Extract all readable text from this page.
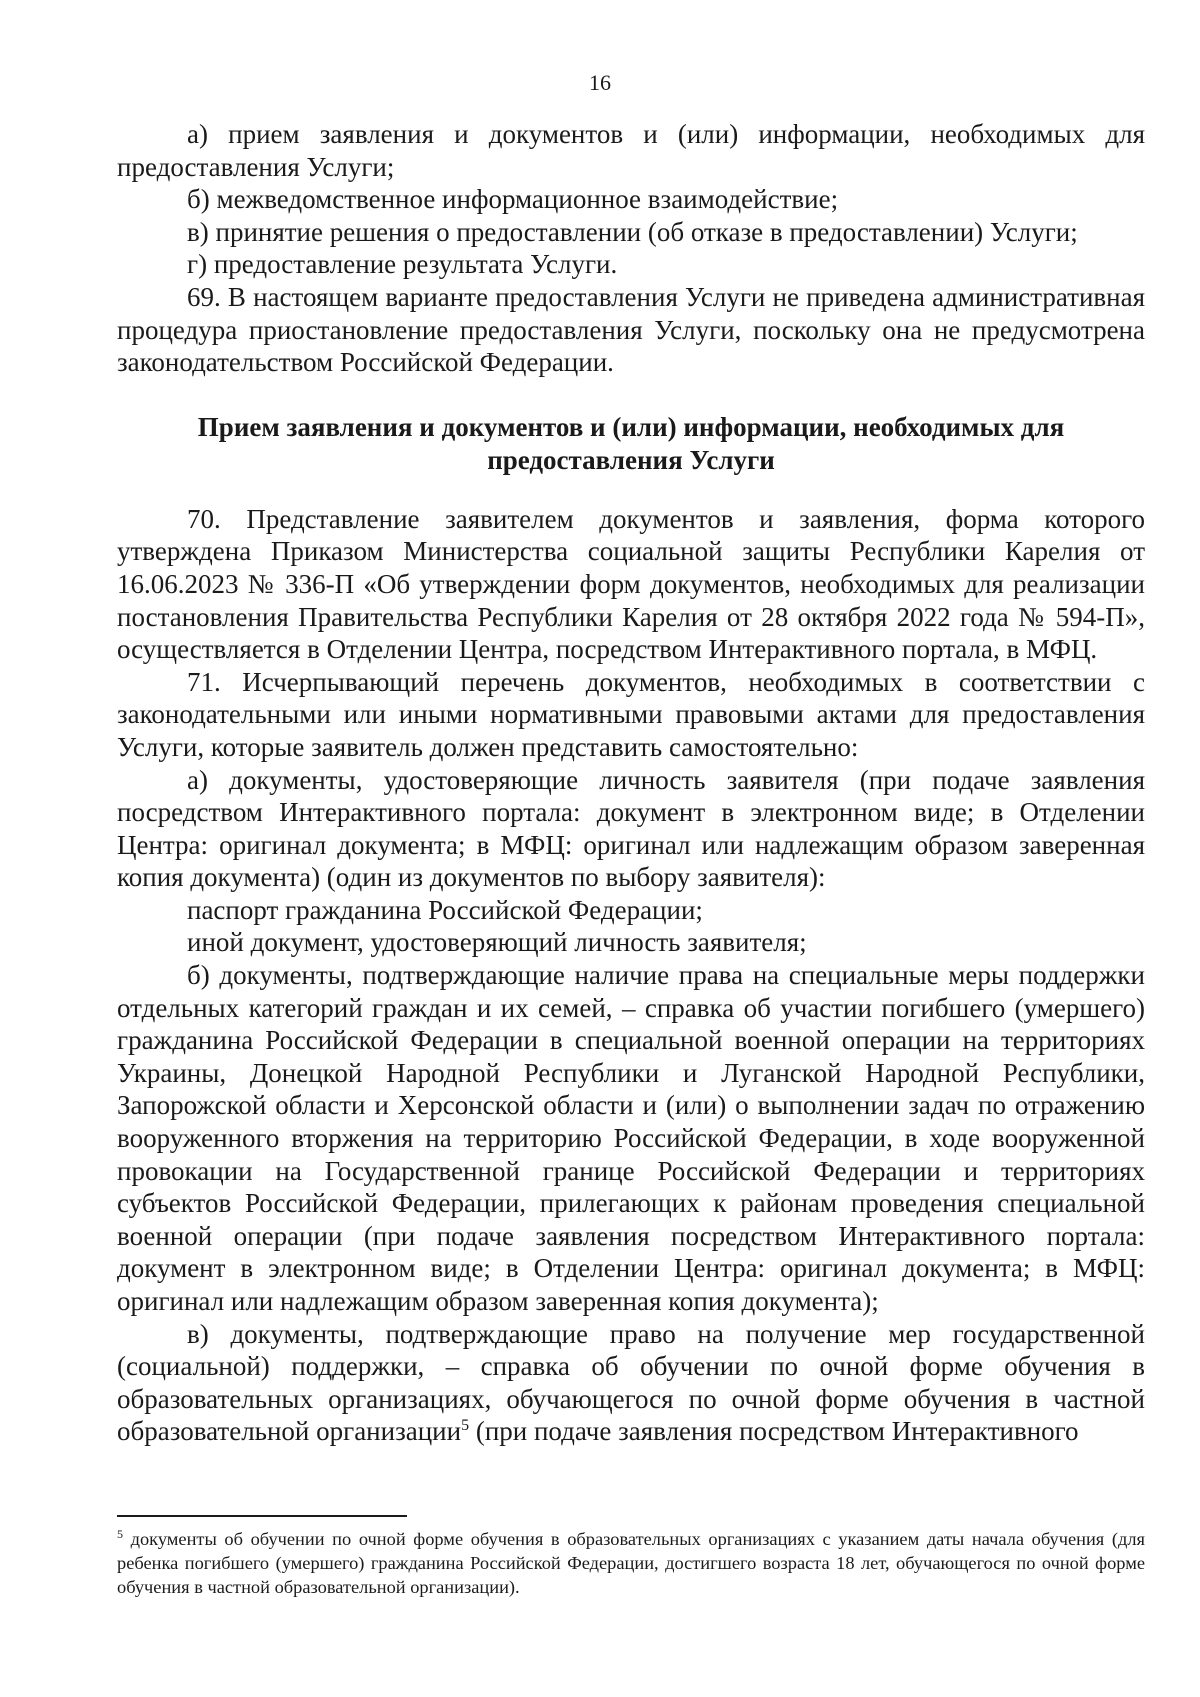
16

а) прием заявления и документов и (или) информации, необходимых для предоставления Услуги;

б) межведомственное информационное взаимодействие;

в) принятие решения о предоставлении (об отказе в предоставлении) Услуги;

г) предоставление результата Услуги.

69. В настоящем варианте предоставления Услуги не приведена административная процедура приостановление предоставления Услуги, поскольку она не предусмотрена законодательством Российской Федерации.

Прием заявления и документов и (или) информации, необходимых для
предоставления Услуги

70. Представление заявителем документов и заявления, форма которого утверждена Приказом Министерства социальной защиты Республики Карелия от 16.06.2023 № 336-П «Об утверждении форм документов, необходимых для реализации постановления Правительства Республики Карелия от 28 октября 2022 года № 594-П», осуществляется в Отделении Центра, посредством Интерактивного портала, в МФЦ.

71. Исчерпывающий перечень документов, необходимых в соответствии с законодательными или иными нормативными правовыми актами для предоставления Услуги, которые заявитель должен представить самостоятельно:

а) документы, удостоверяющие личность заявителя (при подаче заявления посредством Интерактивного портала: документ в электронном виде; в Отделении Центра: оригинал документа; в МФЦ: оригинал или надлежащим образом заверенная копия документа) (один из документов по выбору заявителя):

паспорт гражданина Российской Федерации;

иной документ, удостоверяющий личность заявителя;

б) документы, подтверждающие наличие права на специальные меры поддержки отдельных категорий граждан и их семей, – справка об участии погибшего (умершего) гражданина Российской Федерации в специальной военной операции на территориях Украины, Донецкой Народной Республики и Луганской Народной Республики, Запорожской области и Херсонской области и (или) о выполнении задач по отражению вооруженного вторжения на территорию Российской Федерации, в ходе вооруженной провокации на Государственной границе Российской Федерации и территориях субъектов Российской Федерации, прилегающих к районам проведения специальной военной операции (при подаче заявления посредством Интерактивного портала: документ в электронном виде; в Отделении Центра: оригинал документа; в МФЦ: оригинал или надлежащим образом заверенная копия документа);

в) документы, подтверждающие право на получение мер государственной (социальной) поддержки, – справка об обучении по очной форме обучения в образовательных организациях, обучающегося по очной форме обучения в частной образовательной организации$^5$ (при подаче заявления посредством Интерактивного

$^5$ документы об обучении по очной форме обучения в образовательных организациях с указанием даты начала обучения (для ребенка погибшего (умершего) гражданина Российской Федерации, достигшего возраста 18 лет, обучающегося по очной форме обучения в частной образовательной организации).
